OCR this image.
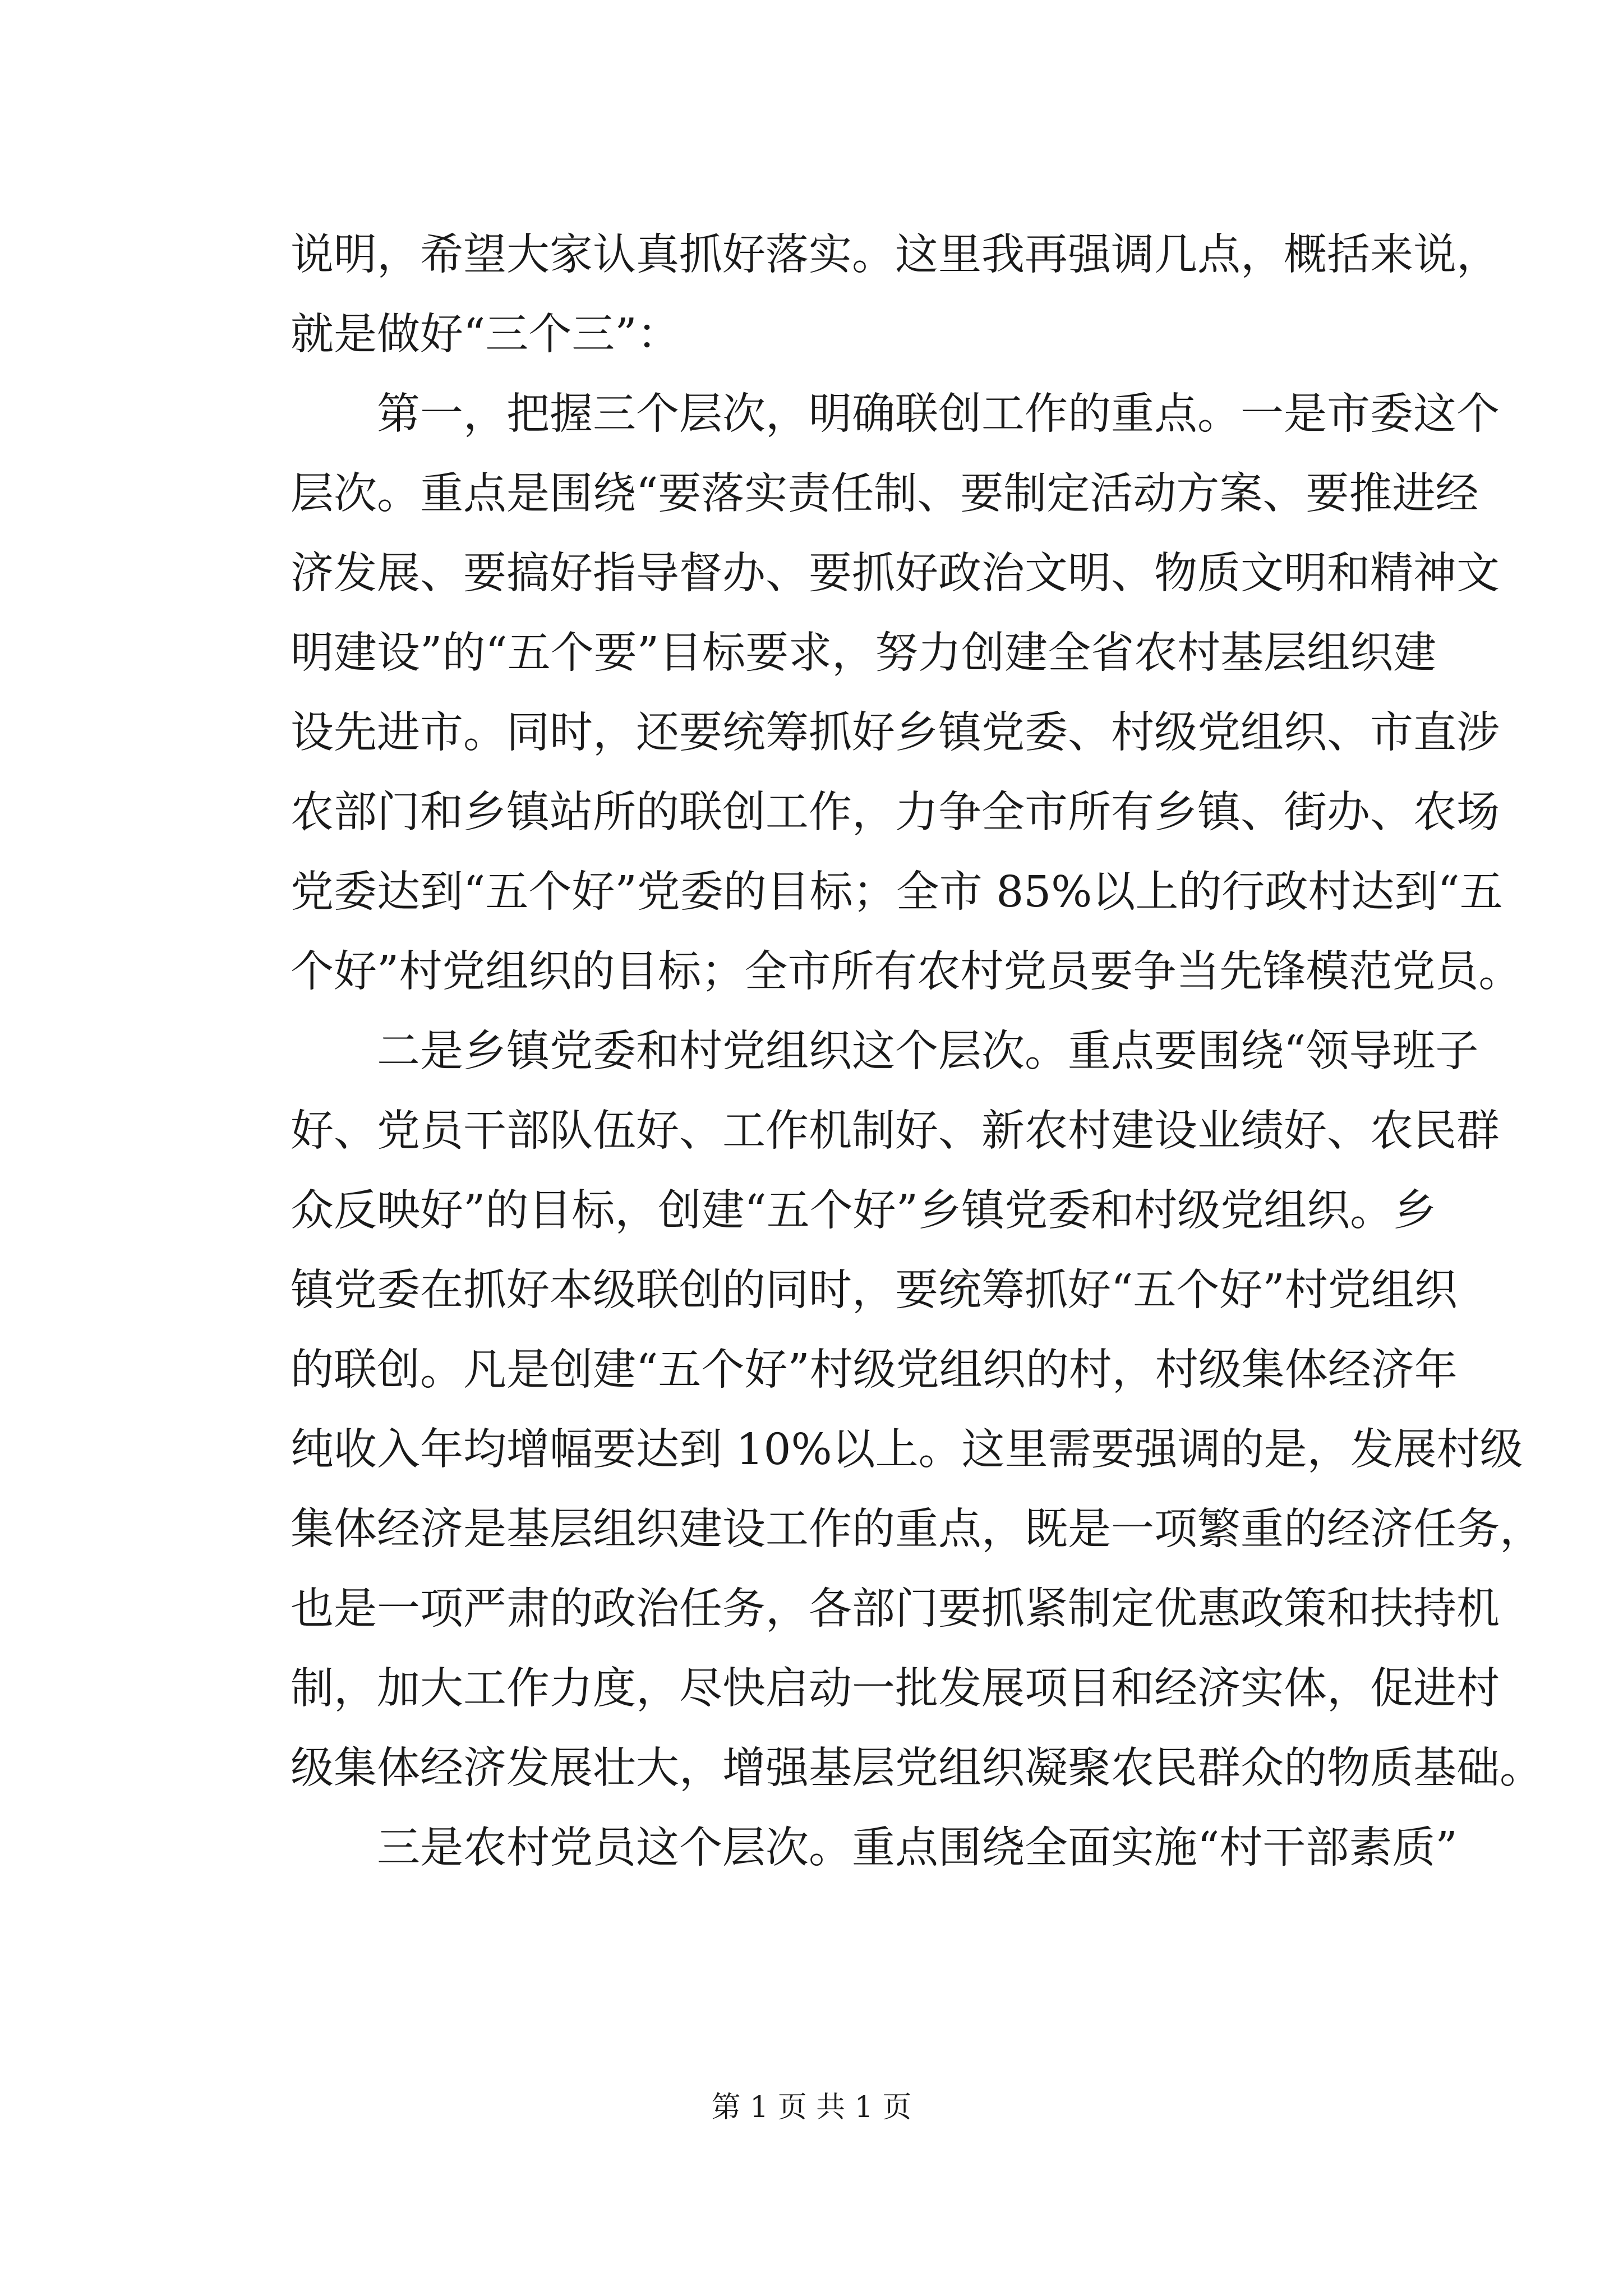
说明，希望大家认真抓好落实。这里我再强调几点，概括来说，
就是做好“三个三”：
第一，把握三个层次，明确联创工作的重点。一是市委这个
层次。重点是围绕“要落实责任制、要制定活动方案、要推进经
济发展、要搞好指导督办、要抓好政治文明、物质文明和精神文
明建设”的“五个要”目标要求，努力创建全省农村基层组织建
设先进市。同时，还要统筹抓好乡镇党委、村级党组织、市直涉
农部门和乡镇站所的联创工作，力争全市所有乡镇、街办、农场
党委达到“五个好”党委的目标；全市 85%以上的行政村达到“五
个好”村党组织的目标；全市所有农村党员要争当先锋模范党员。
二是乡镇党委和村党组织这个层次。重点要围绕“领导班子
好、党员干部队伍好、工作机制好、新农村建设业绩好、农民群
众反映好”的目标，创建“五个好”乡镇党委和村级党组织。乡
镇党委在抓好本级联创的同时，要统筹抓好“五个好”村党组织
的联创。凡是创建“五个好”村级党组织的村，村级集体经济年
纯收入年均增幅要达到 10%以上。这里需要强调的是，发展村级
集体经济是基层组织建设工作的重点，既是一项繁重的经济任务，
也是一项严肃的政治任务，各部门要抓紧制定优惠政策和扶持机
制，加大工作力度，尽快启动一批发展项目和经济实体，促进村
级集体经济发展壮大，增强基层党组织凝聚农民群众的物质基础。
三是农村党员这个层次。重点围绕全面实施“村干部素质”
第 1 页 共 1 页
